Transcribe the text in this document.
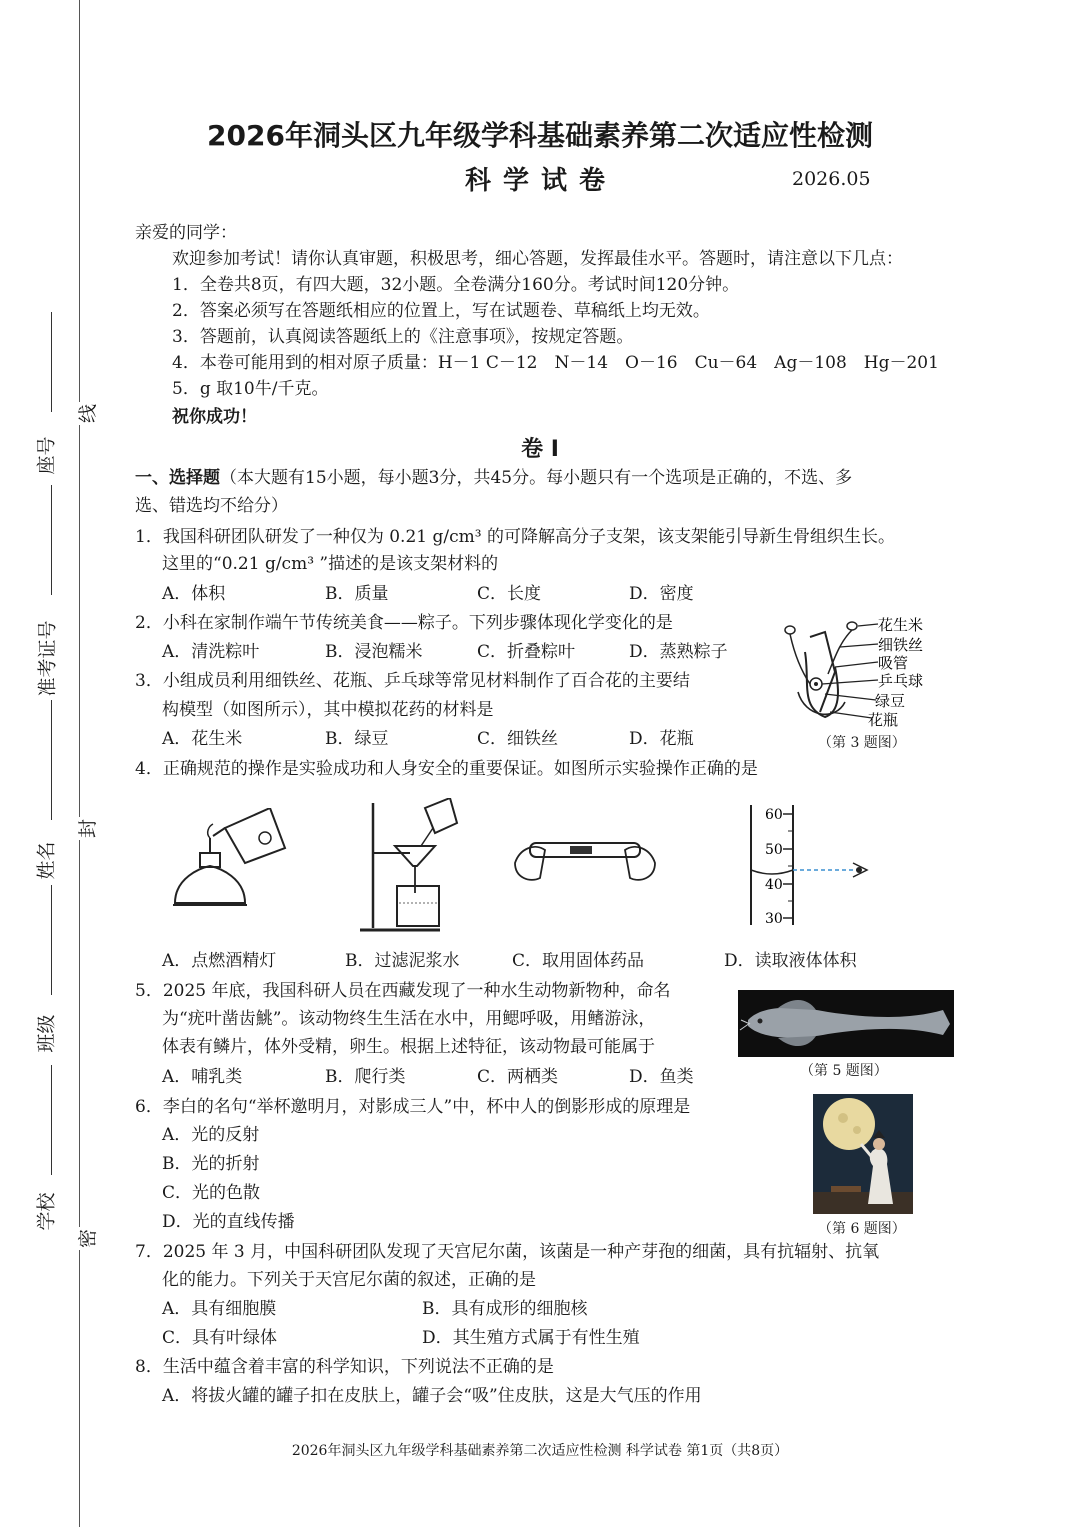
座号
准考证号
姓名
班级
学校
线
封
密
2026年洞头区九年级学科基础素养第二次适应性检测
科学试卷	2026.05
亲爱的同学：
欢迎参加考试！请你认真审题，积极思考，细心答题，发挥最佳水平。答题时，请注意以下几点：
1．全卷共8页，有四大题，32小题。全卷满分160分。考试时间120分钟。
2．答案必须写在答题纸相应的位置上，写在试题卷、草稿纸上均无效。
3．答题前，认真阅读答题纸上的《注意事项》，按规定答题。
4．本卷可能用到的相对原子质量：H－1 C－12　N－14　O－16　Cu－64　Ag－108　Hg－201
5．g 取10牛/千克。
祝你成功！
卷 I
一、选择题（本大题有15小题，每小题3分，共45分。每小题只有一个选项是正确的，不选、多
选、错选均不给分）
1．我国科研团队研发了一种仅为 0.21 g/cm³ 的可降解高分子支架，该支架能引导新生骨组织生长。
这里的“0.21 g/cm³ ”描述的是该支架材料的
A．体积	B．质量	C．长度	D．密度
2．小科在家制作端午节传统美食——粽子。下列步骤体现化学变化的是
A．清洗粽叶	B．浸泡糯米	C．折叠粽叶	D．蒸熟粽子
3．小组成员利用细铁丝、花瓶、乒乓球等常见材料制作了百合花的主要结
构模型（如图所示），其中模拟花药的材料是
A．花生米	B．绿豆	C．细铁丝	D．花瓶
花生米
细铁丝
吸管
乒乓球
绿豆
花瓶
（第 3 题图）
4．正确规范的操作是实验成功和人身安全的重要保证。如图所示实验操作正确的是
60
50
40
30
A．点燃酒精灯	B．过滤泥浆水	C．取用固体药品	D．读取液体体积
5．2025 年底，我国科研人员在西藏发现了一种水生动物新物种，命名
为“疣叶凿齿鮡”。该动物终生生活在水中，用鳃呼吸，用鳍游泳，
体表有鳞片，体外受精，卵生。根据上述特征，该动物最可能属于
A．哺乳类	B．爬行类	C．两栖类	D．鱼类	（第 5 题图）
6．李白的名句“举杯邀明月，对影成三人”中，杯中人的倒影形成的原理是
A．光的反射
B．光的折射
C．光的色散
D．光的直线传播	（第 6 题图）
7．2025 年 3 月，中国科研团队发现了天宫尼尔菌，该菌是一种产芽孢的细菌，具有抗辐射、抗氧
化的能力。下列关于天宫尼尔菌的叙述，正确的是
A．具有细胞膜	B．具有成形的细胞核
C．具有叶绿体	D．其生殖方式属于有性生殖
8．生活中蕴含着丰富的科学知识，下列说法不正确的是
A．将拔火罐的罐子扣在皮肤上，罐子会“吸”住皮肤，这是大气压的作用
2026年洞头区九年级学科基础素养第二次适应性检测 科学试卷 第1页（共8页）
